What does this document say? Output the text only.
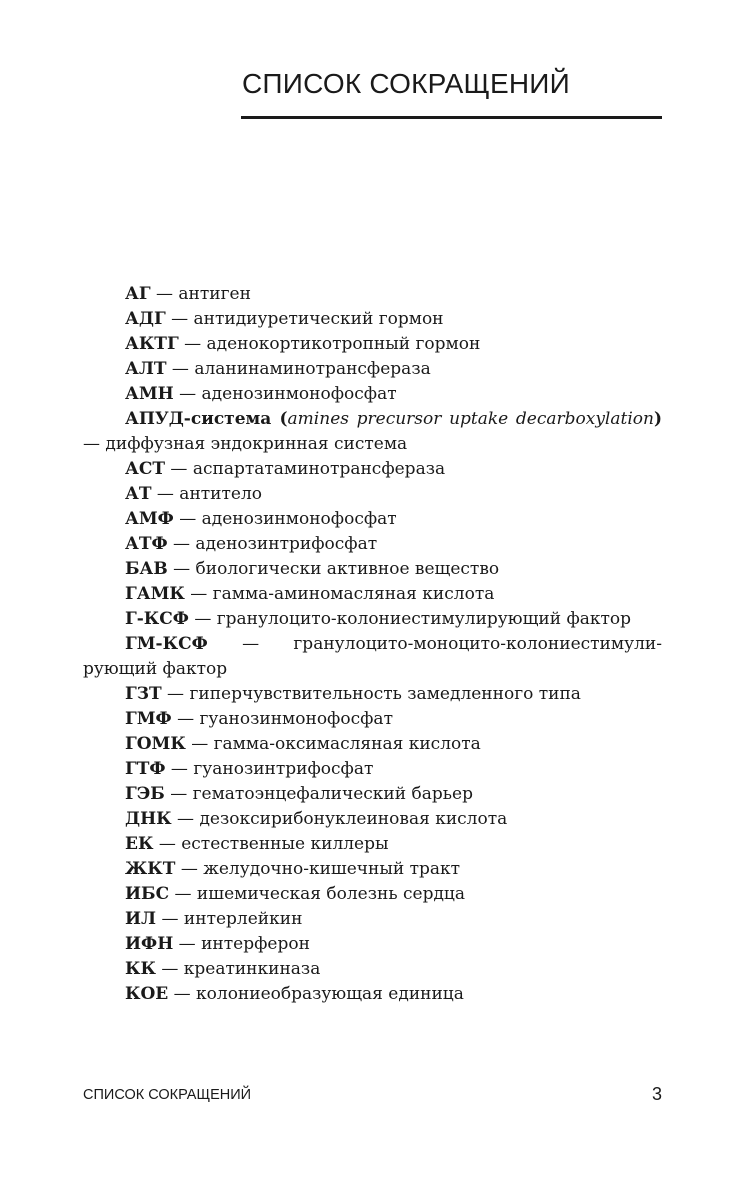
СПИСОК СОКРАЩЕНИЙ
АГ — антиген
АДГ — антидиуретический гормон
АКТГ — аденокортикотропный гормон
АЛТ — аланинаминотрансфераза
АМН — аденозинмонофосфат
АПУД-система (amines precursor uptake decarboxylation) — диффузная эндокринная система
АСТ — аспартатаминотрансфераза
АТ — антитело
АМФ — аденозинмонофосфат
АТФ — аденозинтрифосфат
БАВ — биологически активное вещество
ГАМК — гамма-аминомасляная кислота
Г-КСФ — гранулоцито-колониестимулирующий фактор
ГМ-КСФ — гранулоцито-моноцито-колониестимулирующий фактор
ГЗТ — гиперчувствительность замедленного типа
ГМФ — гуанозинмонофосфат
ГОМК — гамма-оксимасляная кислота
ГТФ — гуанозинтрифосфат
ГЭБ — гематоэнцефалический барьер
ДНК — дезоксирибонуклеиновая кислота
ЕК — естественные киллеры
ЖКТ — желудочно-кишечный тракт
ИБС — ишемическая болезнь сердца
ИЛ — интерлейкин
ИФН — интерферон
КК — креатинкиназа
КОЕ — колониеобразующая единица
СПИСОК СОКРАЩЕНИЙ	3
